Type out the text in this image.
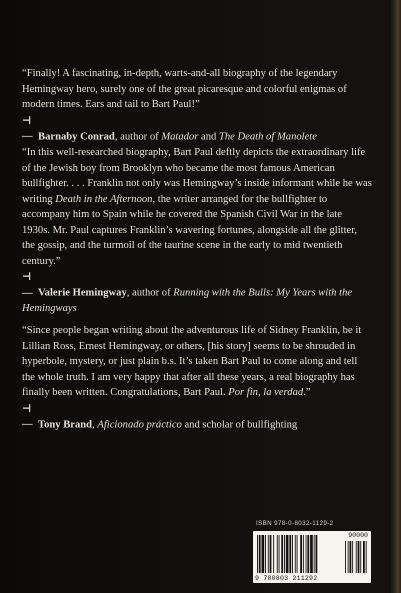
“Finally! A fascinating, in-depth, warts-and-all biography of the legendary Hemingway hero, surely one of the great picaresque and colorful enigmas of modern times. Ears and tail to Bart Paul!”

⊣— Barnaby Conrad, author of Matador and The Death of Manolete

“In this well-researched biography, Bart Paul deftly depicts the extraordinary life of the Jewish boy from Brooklyn who became the most famous American bullfighter. . . . Franklin not only was Hemingway’s inside informant while he was writing Death in the Afternoon, the writer arranged for the bullfighter to accompany him to Spain while he covered the Spanish Civil War in the late 1930s. Mr. Paul captures Franklin’s wavering fortunes, alongside all the glitter, the gossip, and the turmoil of the taurine scene in the early to mid twentieth century.”

⊣— Valerie Hemingway, author of Running with the Bulls: My Years with the Hemingways

“Since people began writing about the adventurous life of Sidney Franklin, be it Lillian Ross, Ernest Hemingway, or others, [his story] seems to be shrouded in hyperbole, mystery, or just plain b.s. It’s taken Bart Paul to come along and tell the whole truth. I am very happy that after all these years, a real biography has finally been written. Congratulations, Bart Paul. Por fin, la verdad.”

⊣— Tony Brand, Aficionado práctico and scholar of bullfighting

ISBN 978-0-8032-1129-2
9 780803 211292
90000
